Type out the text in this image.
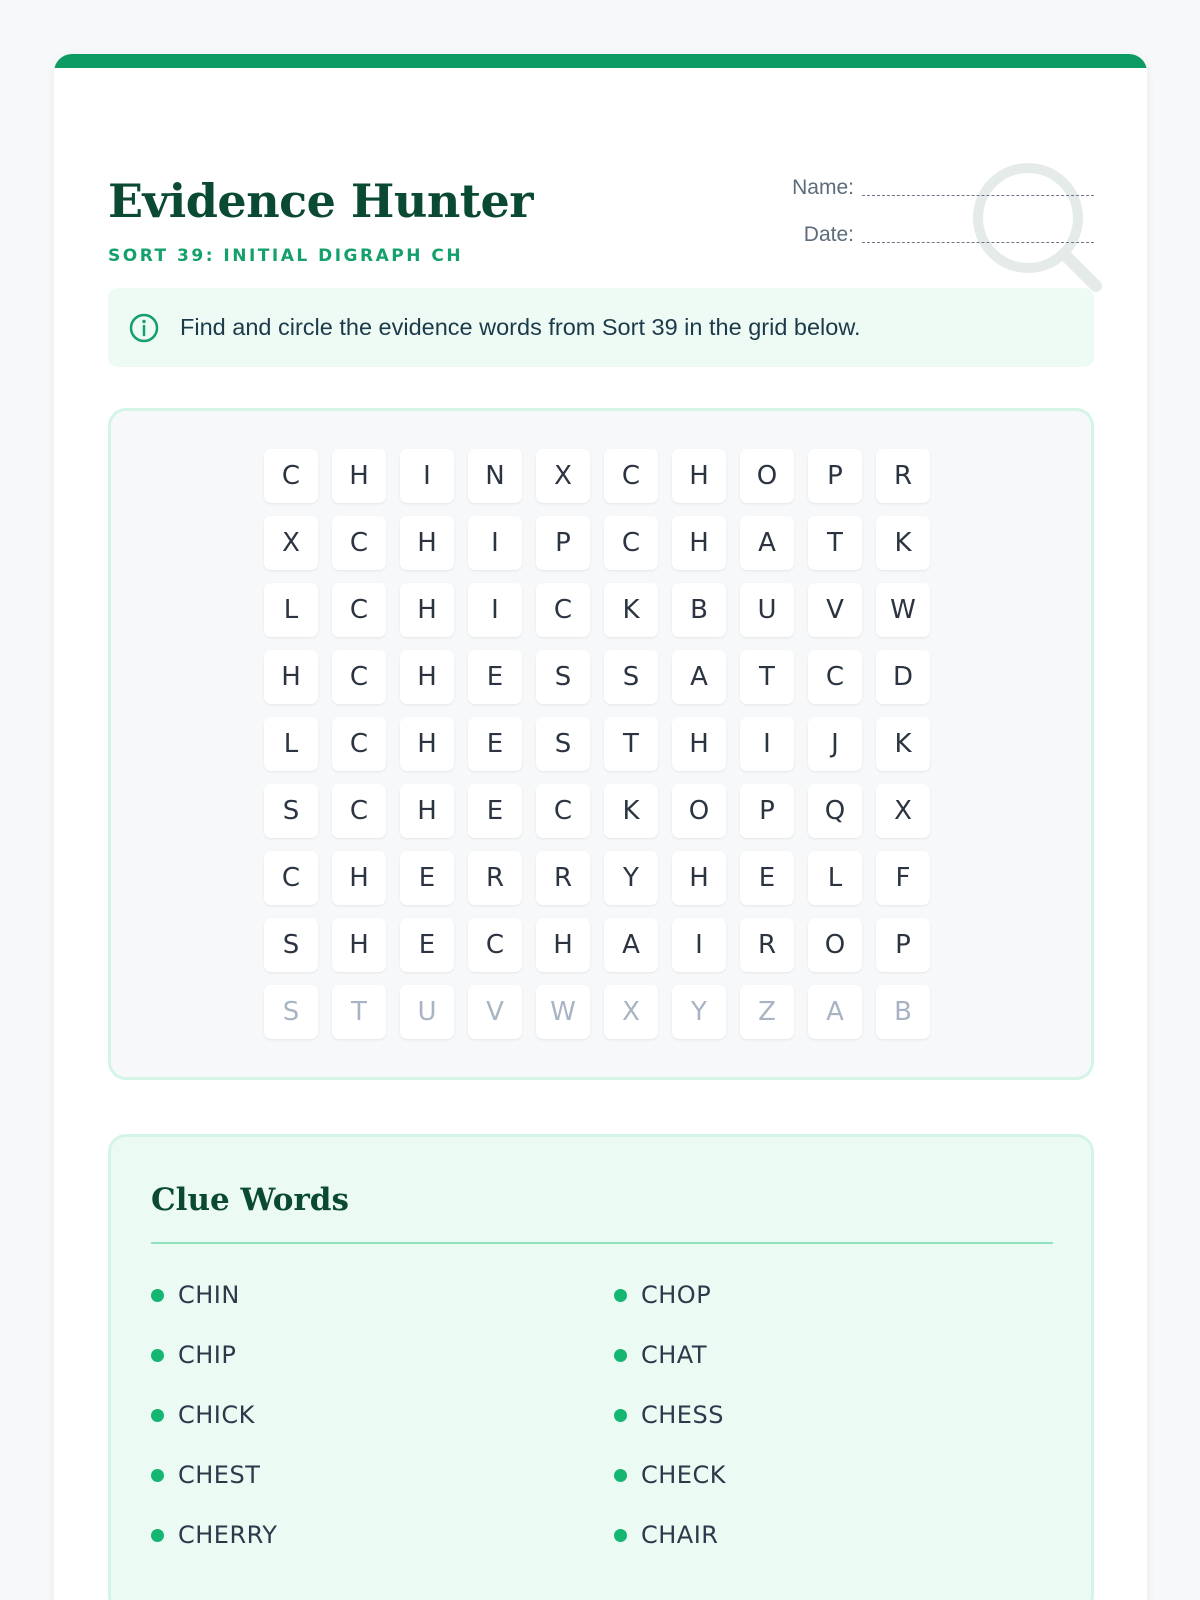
Evidence Hunter
SORT 39: INITIAL DIGRAPH CH
Name:
Date:
Find and circle the evidence words from Sort 39 in the grid below.
C	H	I	N	X	C	H	O	P	R
X	C	H	I	P	C	H	A	T	K
L	C	H	I	C	K	B	U	V	W
H	C	H	E	S	S	A	T	C	D
L	C	H	E	S	T	H	I	J	K
S	C	H	E	C	K	O	P	Q	X
C	H	E	R	R	Y	H	E	L	F
S	H	E	C	H	A	I	R	O	P
S	T	U	V	W	X	Y	Z	A	B
Clue Words
CHIN	CHOP
CHIP	CHAT
CHICK	CHESS
CHEST	CHECK
CHERRY	CHAIR
